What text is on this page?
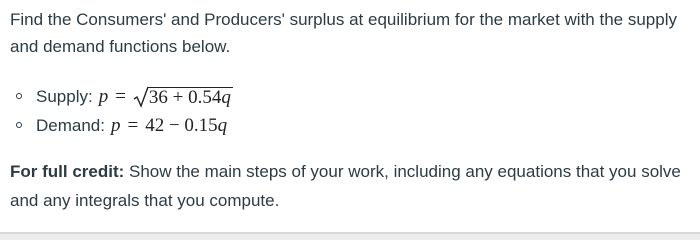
Find the Consumers' and Producers' surplus at equilibrium for the market with the supply and demand functions below.
Supply: p = 36 + 0.54q
Demand: p = 42 − 0.15 q
For full credit: Show the main steps of your work, including any equations that you solve and any integrals that you compute.
